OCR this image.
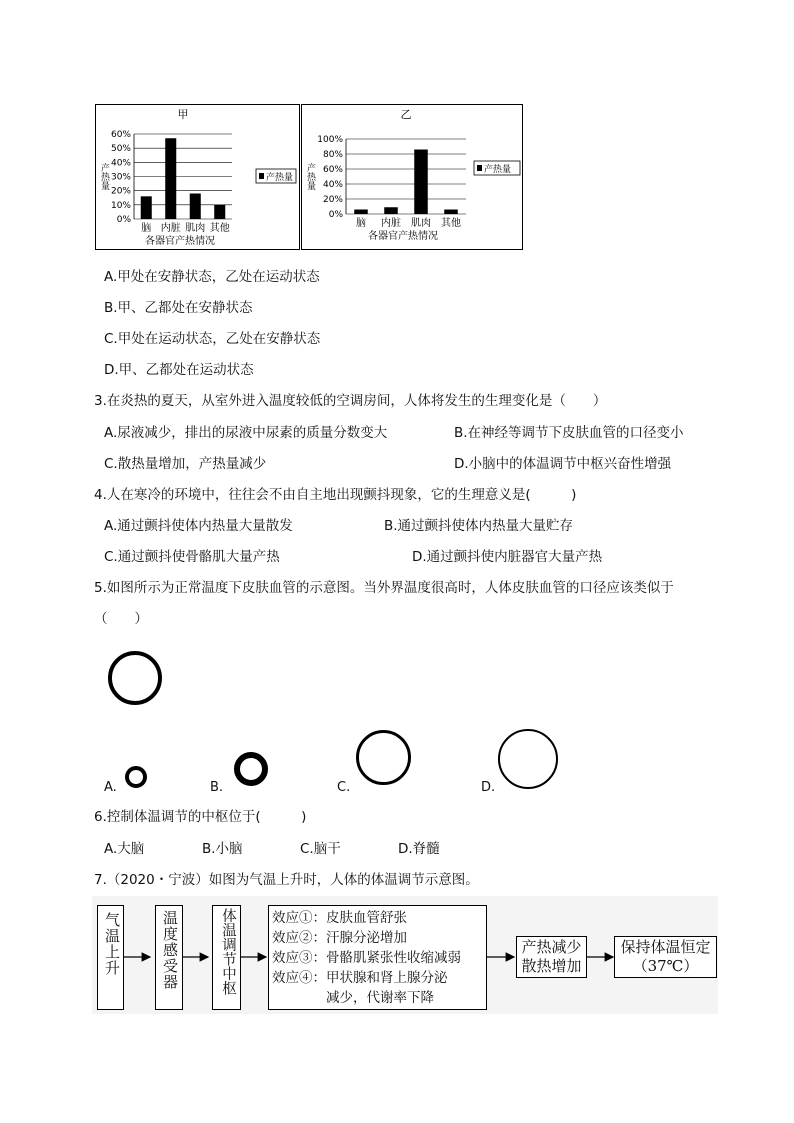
甲
0%
10%
20%
30%
40%
50%
60%
脑 内脏 肌肉 其他
各器官产热情况
产热量	产热量
乙
0%
20%
40%
60%
80%
100%
脑 内脏 肌肉 其他
各器官产热情况
产热量	产热量
A.甲处在安静状态，乙处在运动状态
B.甲、乙都处在安静状态
C.甲处在运动状态，乙处在安静状态
D.甲、乙都处在运动状态
3.在炎热的夏天，从室外进入温度较低的空调房间，人体将发生的生理变化是（　　）
A.尿液减少，排出的尿液中尿素的质量分数变大	B.在神经等调节下皮肤血管的口径变小
C.散热量增加，产热量减少	D.小脑中的体温调节中枢兴奋性增强
4.人在寒冷的环境中，往往会不由自主地出现颤抖现象，它的生理意义是(　　　)
A.通过颤抖使体内热量大量散发	B.通过颤抖使体内热量大量贮存
C.通过颤抖使骨骼肌大量产热	D.通过颤抖使内脏器官大量产热
5.如图所示为正常温度下皮肤血管的示意图。当外界温度很高时，人体皮肤血管的口径应该类似于
（　　）
A.	B.	C.	D.
6.控制体温调节的中枢位于(　　　)
A.大脑	B.小脑	C.脑干	D.脊髓
7.（2020・宁波）如图为气温上升时，人体的体温调节示意图。
气温上升	温度感受器	体温调节中枢	效应①：皮肤血管舒张
效应②：汗腺分泌增加
效应③：骨骼肌紧张性收缩减弱
效应④：甲状腺和肾上腺分泌
　　　　减少，代谢率下降
产热减少
散热增加
保持体温恒定
（37℃）
